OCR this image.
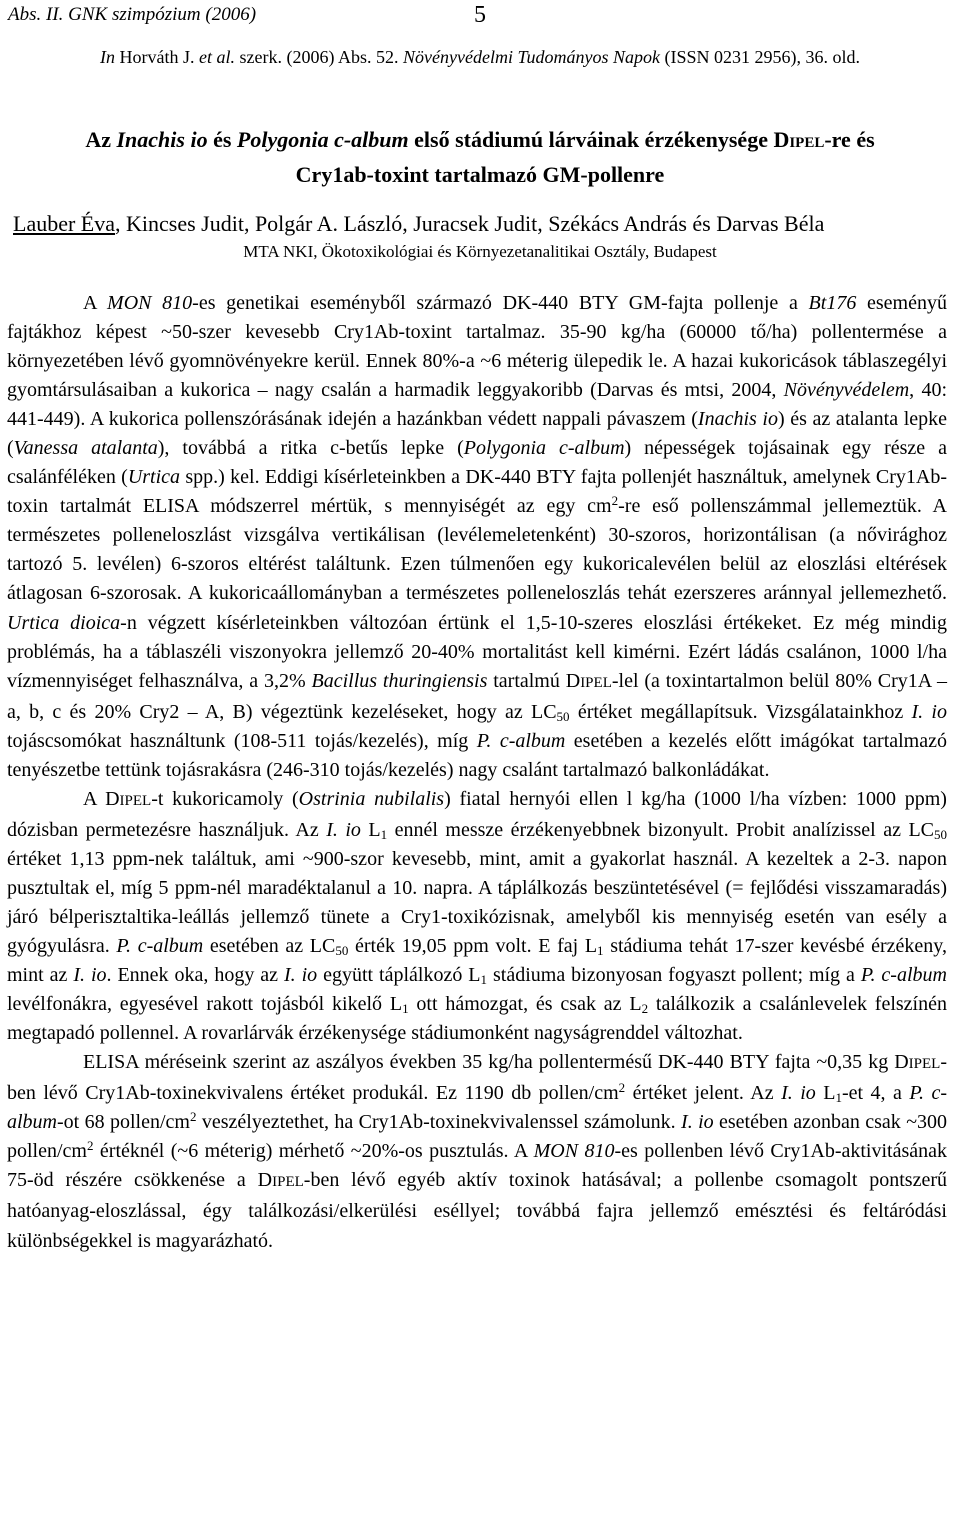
Abs. II. GNK szimpózium (2006)	5
In Horváth J. et al. szerk. (2006) Abs. 52. Növényvédelmi Tudományos Napok (ISSN 0231 2956), 36. old.
Az Inachis io és Polygonia c-album első stádiumú lárváinak érzékenysége DIPEL-re és
Cry1ab-toxint tartalmazó GM-pollenre
Lauber Éva, Kincses Judit, Polgár A. László, Juracsek Judit, Székács András és Darvas Béla
MTA NKI, Ökotoxikológiai és Környezetanalitikai Osztály, Budapest

A MON 810-es genetikai eseményből származó DK-440 BTY GM-fajta pollenje a Bt176 eseményű fajtákhoz képest ~50-szer kevesebb Cry1Ab-toxint tartalmaz. 35-90 kg/ha (60000 tő/ha) pollentermése a környezetében lévő gyomnövényekre kerül. Ennek 80%-a ~6 méterig ülepedik le. A hazai kukoricások táblaszegélyi gyomtársulásaiban a kukorica – nagy csalán a harmadik leggyakoribb (Darvas és mtsi, 2004, Növényvédelem, 40: 441-449). A kukorica pollenszórásának idején a hazánkban védett nappali pávaszem (Inachis io) és az atalanta lepke (Vanessa atalanta), továbbá a ritka c-betűs lepke (Polygonia c-album) népességek tojásainak egy része a csalánféléken (Urtica spp.) kel. Eddigi kísérleteinkben a DK-440 BTY fajta pollenjét használtuk, amelynek Cry1Ab-toxin tartalmát ELISA módszerrel mértük, s mennyiségét az egy $cm^2-re$ eső pollenszámmal jellemeztük. A természetes polleneloszlást vizsgálva vertikálisan (levélemeletenként) 30-szoros, horizontálisan (a nővirághoz tartozó 5. levélen) 6-szoros eltérést találtunk. Ezen túlmenően egy kukoricalevélen belül az eloszlási eltérések átlagosan 6-szorosak. A kukoricaállományban a természetes polleneloszlás tehát ezerszeres aránnyal jellemezhető. Urtica dioica-n végzett kísérleteinkben változóan értünk el 1,5-10-szeres eloszlási értékeket. Ez még mindig problémás, ha a táblaszéli viszonyokra jellemző 20-40% mortalitást kell kimérni. Ezért ládás csalánon, 1000 l/ha vízmennyiséget felhasználva, a 3,2% Bacillus thuringiensis tartalmú DIPEL-lel (a toxintartalmon belül 80% Cry1A – a, b, c és 20% Cry2 – A, B) végeztünk kezeléseket, hogy az $LC_{50}$ értéket megállapítsuk. Vizsgálatainkhoz I. io tojáscsomókat használtunk (108-511 tojás/kezelés), míg P. c-album esetében a kezelés előtt imágókat tartalmazó tenyészetbe tettünk tojásrakásra (246-310 tojás/kezelés) nagy csalánt tartalmazó balkonládákat.

A DIPEL-t kukoricamoly (Ostrinia nubilalis) fiatal hernyói ellen l kg/ha (1000 l/ha vízben: 1000 ppm) dózisban permetezésre használjuk. Az I. io $L_1$ ennél messze érzékenyebbnek bizonyult. Probit analízissel az $LC_{50}$ értéket 1,13 ppm-nek találtuk, ami ~900-szor kevesebb, mint, amit a gyakorlat használ. A kezeltek a 2-3. napon pusztultak el, míg 5 ppm-nél maradéktalanul a 10. napra. A táplálkozás beszüntetésével (= fejlődési visszamaradás) járó bélperisztaltika-leállás jellemző tünete a Cry1-toxikózisnak, amelyből kis mennyiség esetén van esély a gyógyulásra. P. c-album esetében az $LC_{50}$ érték 19,05 ppm volt. E faj $L_1$ stádiuma tehát 17-szer kevésbé érzékeny, mint az I. io. Ennek oka, hogy az I. io együtt táplálkozó $L_1$ stádiuma bizonyosan fogyaszt pollent; míg a P. c-album levélfonákra, egyesével rakott tojásból kikelő $L_1$ ott hámozgat, és csak az $L_2$ találkozik a csalánlevelek felszínén megtapadó pollennel. A rovarlárvák érzékenysége stádiumonként nagyságrenddel változhat.

ELISA méréseink szerint az aszályos években 35 kg/ha pollentermésű DK-440 BTY fajta ~0,35 kg DIPEL-ben lévő Cry1Ab-toxinekvivalens értéket produkál. Ez 1190 db pollen/$cm^2$ értéket jelent. Az I. io $L_1-et$ 4, a P. c-album-ot 68 pollen/$cm^2$ veszélyeztethet, ha Cry1Ab-toxinekvivalenssel számolunk. I. io esetében azonban csak ~300 pollen/$cm^2$ értéknél (~6 méterig) mérhető ~20%-os pusztulás. A MON 810-es pollenben lévő Cry1Ab-aktivitásának 75-öd részére csökkenése a DIPEL-ben lévő egyéb aktív toxinok hatásával; a pollenbe csomagolt pontszerű hatóanyag-eloszlással, égy találkozási/elkerülési eséllyel; továbbá fajra jellemző emésztési és feltáródási különbségekkel is magyarázható.
